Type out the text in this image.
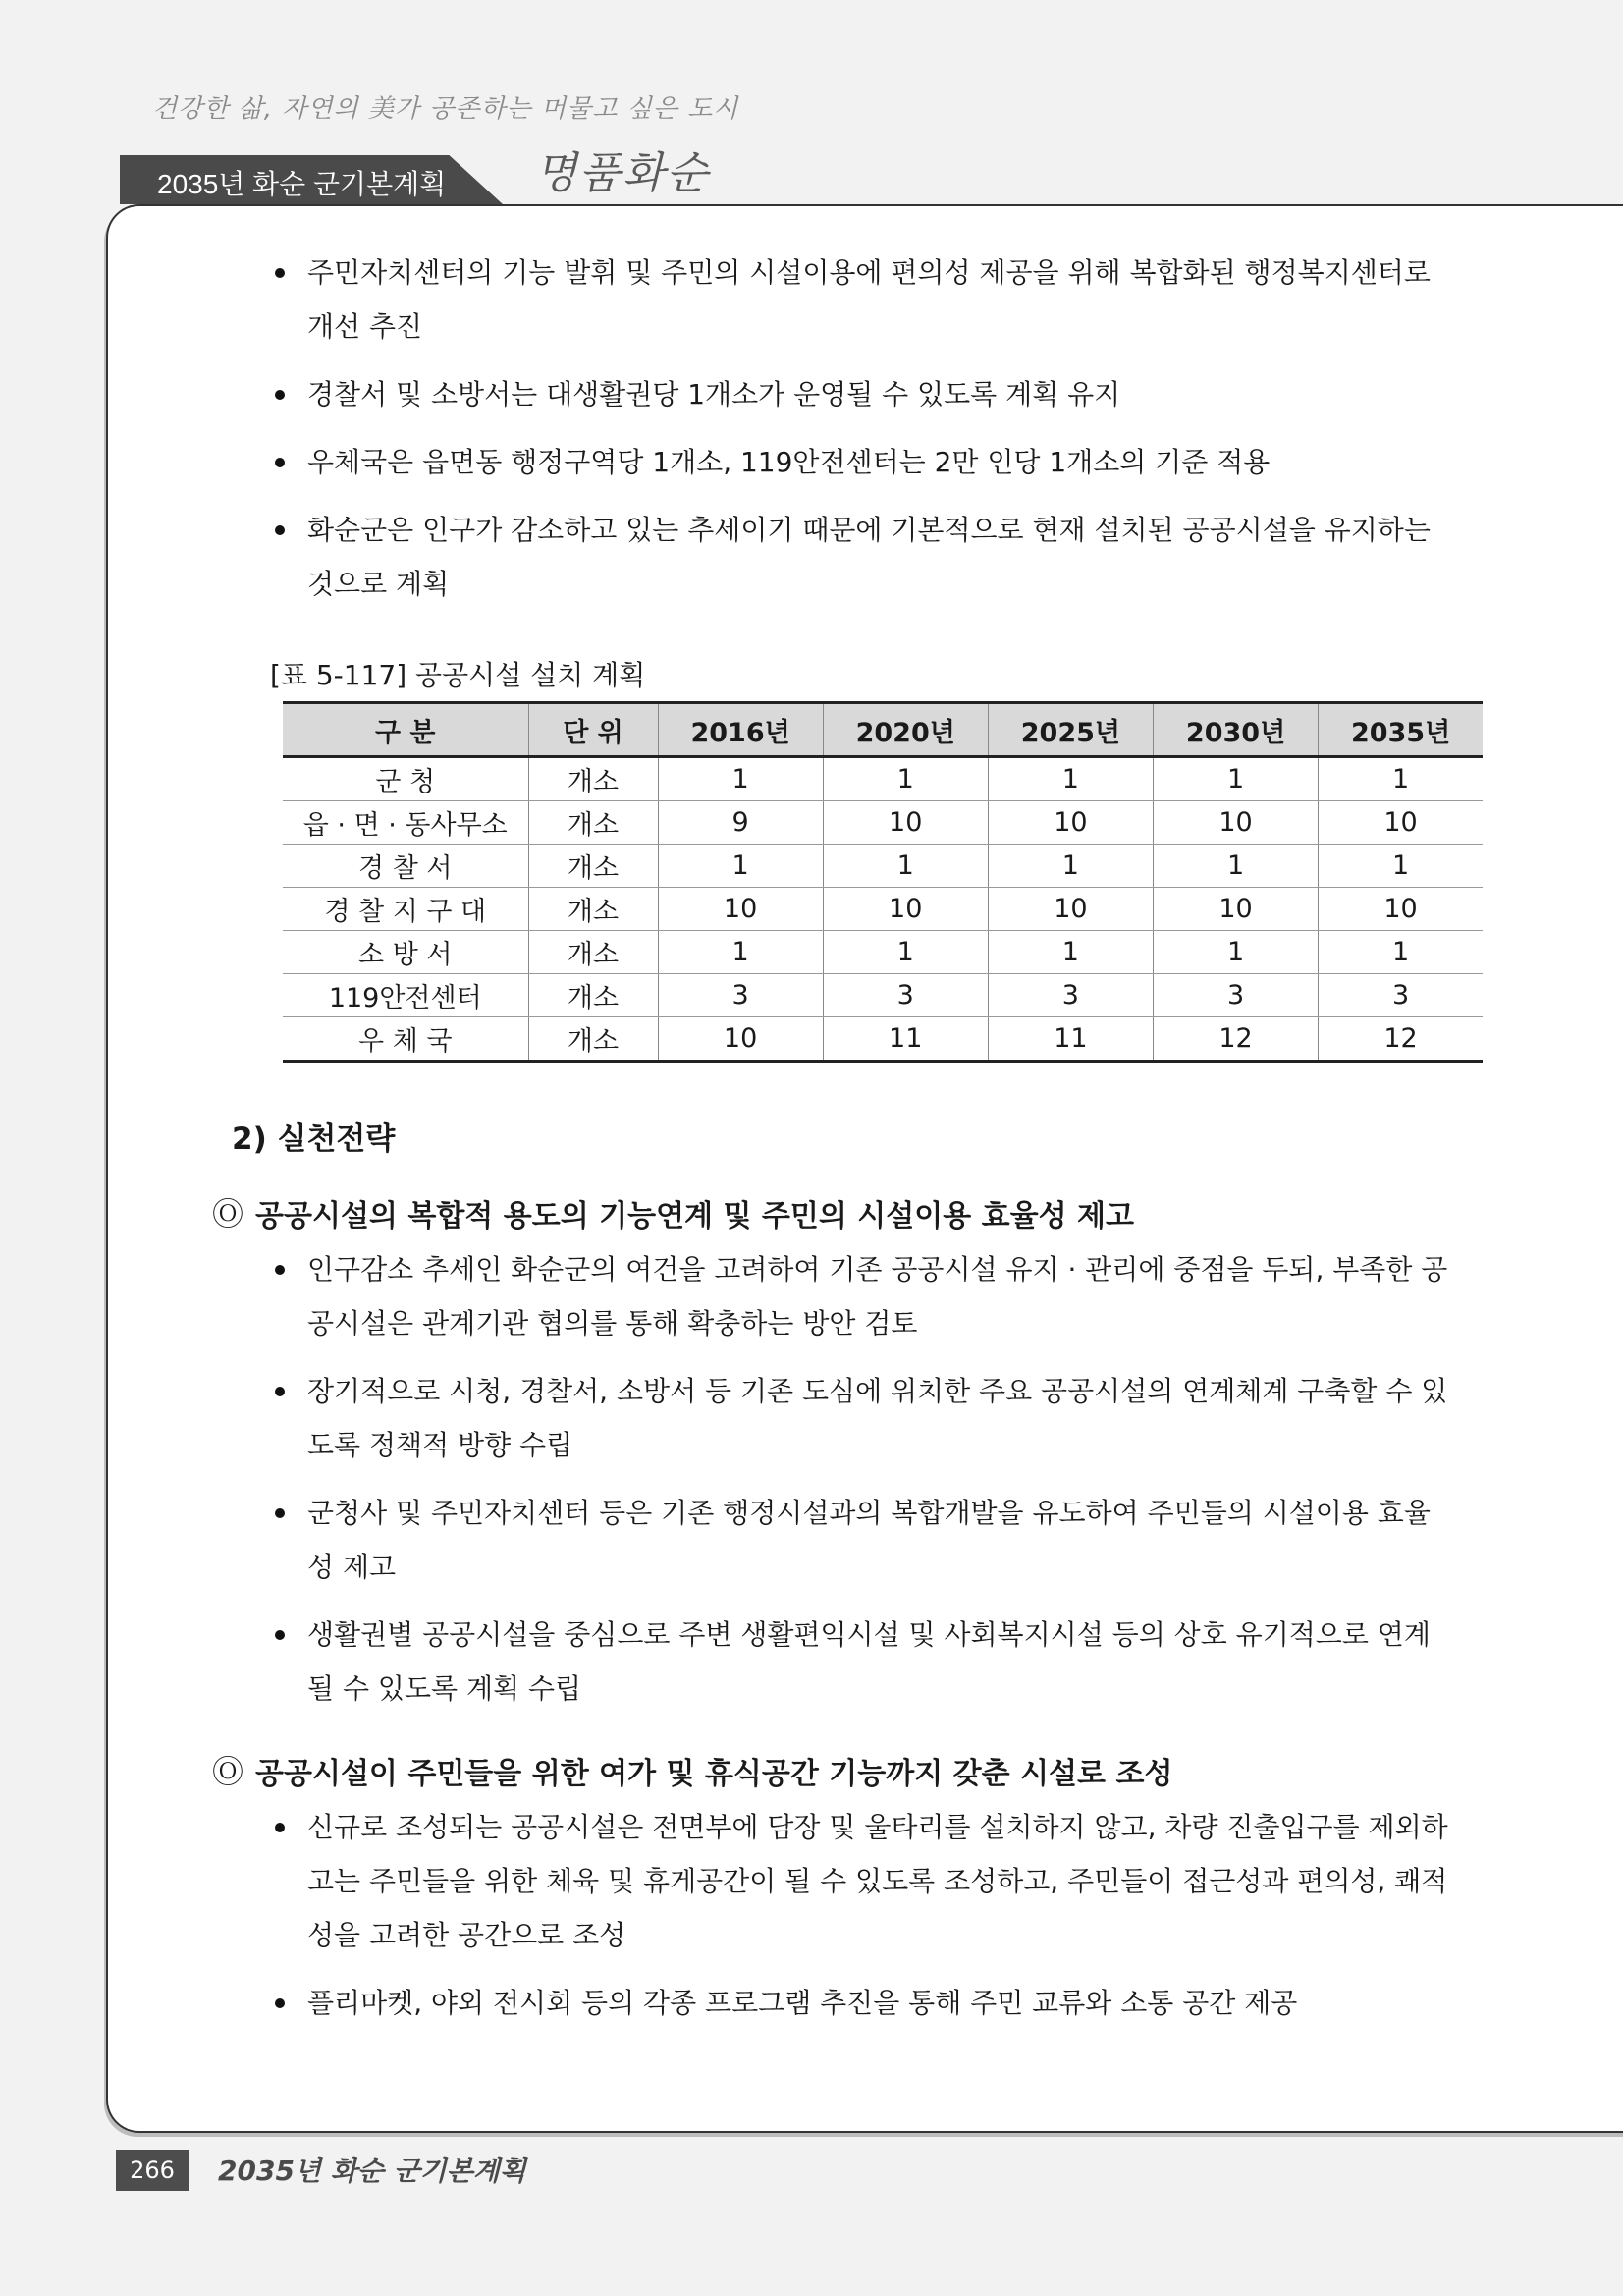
건강한 삶, 자연의 美가 공존하는 머물고 싶은 도시
2035년 화순 군기본계획 명품화순
주민자치센터의 기능 발휘 및 주민의 시설이용에 편의성 제공을 위해 복합화된 행정복지센터로 개선 추진
경찰서 및 소방서는 대생활권당 1개소가 운영될 수 있도록 계획 유지
우체국은 읍면동 행정구역당 1개소, 119안전센터는 2만 인당 1개소의 기준 적용
화순군은 인구가 감소하고 있는 추세이기 때문에 기본적으로 현재 설치된 공공시설을 유지하는 것으로 계획
[표 5-117] 공공시설 설치 계획
구 분	단 위	2016년	2020년	2025년	2030년	2035년
군 청	개소	1	1	1	1	1
읍 · 면 · 동사무소	개소	9	10	10	10	10
경 찰 서	개소	1	1	1	1	1
경 찰 지 구 대	개소	10	10	10	10	10
소 방 서	개소	1	1	1	1	1
119안전센터	개소	3	3	3	3	3
우 체 국	개소	10	11	11	12	12
2) 실천전략
Ⓞ 공공시설의 복합적 용도의 기능연계 및 주민의 시설이용 효율성 제고
인구감소 추세인 화순군의 여건을 고려하여 기존 공공시설 유지 · 관리에 중점을 두되, 부족한 공공시설은 관계기관 협의를 통해 확충하는 방안 검토
장기적으로 시청, 경찰서, 소방서 등 기존 도심에 위치한 주요 공공시설의 연계체계 구축할 수 있도록 정책적 방향 수립
군청사 및 주민자치센터 등은 기존 행정시설과의 복합개발을 유도하여 주민들의 시설이용 효율성 제고
생활권별 공공시설을 중심으로 주변 생활편익시설 및 사회복지시설 등의 상호 유기적으로 연계될 수 있도록 계획 수립
Ⓞ 공공시설이 주민들을 위한 여가 및 휴식공간 기능까지 갖춘 시설로 조성
신규로 조성되는 공공시설은 전면부에 담장 및 울타리를 설치하지 않고, 차량 진출입구를 제외하고는 주민들을 위한 체육 및 휴게공간이 될 수 있도록 조성하고, 주민들이 접근성과 편의성, 쾌적성을 고려한 공간으로 조성
플리마켓, 야외 전시회 등의 각종 프로그램 추진을 통해 주민 교류와 소통 공간 제공
266	2035년 화순 군기본계획
